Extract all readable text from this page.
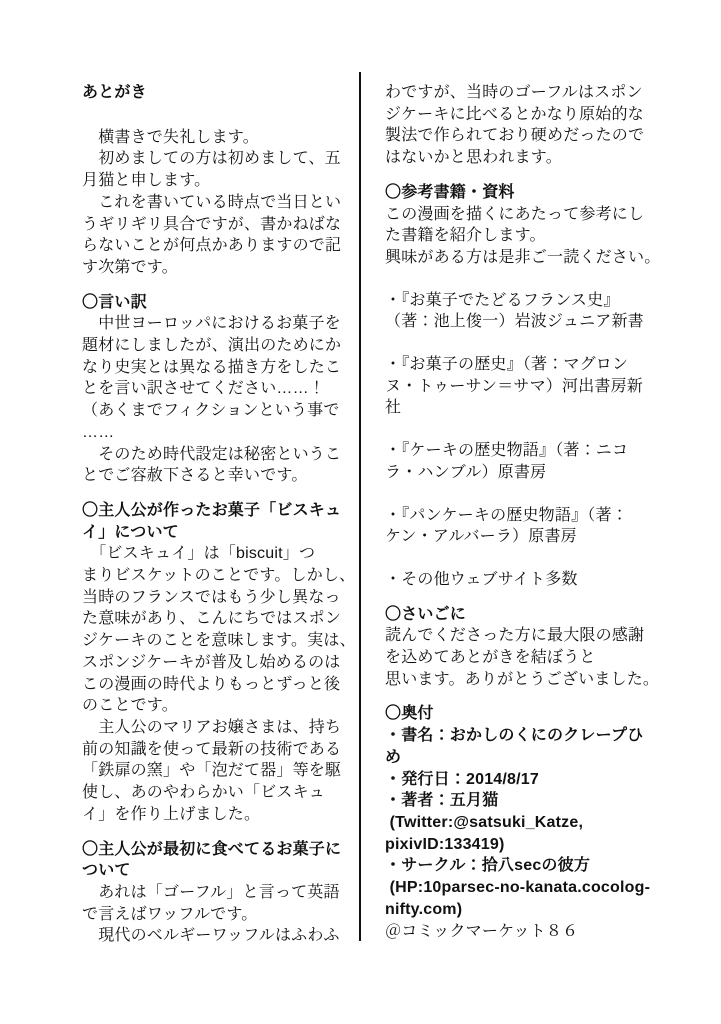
あとがき
　横書きで失礼します。
　初めましての方は初めまして、五
月猫と申します。
　これを書いている時点で当日とい
うギリギリ具合ですが、書かねばな
らないことが何点かありますので記
す次第です。
〇言い訳
　中世ヨーロッパにおけるお菓子を
題材にしましたが、演出のためにか
なり史実とは異なる描き方をしたこ
とを言い訳させてください……！
（あくまでフィクションという事で
……
　そのため時代設定は秘密というこ
とでご容赦下さると幸いです。
〇主人公が作ったお菓子「ビスキュ
イ」について
　「ビスキュイ」は「biscuit」つ
まりビスケットのことです。しかし、
当時のフランスではもう少し異なっ
た意味があり、こんにちではスポン
ジケーキのことを意味します。実は、
スポンジケーキが普及し始めるのは
この漫画の時代よりもっとずっと後
のことです。
　主人公のマリアお嬢さまは、持ち
前の知識を使って最新の技術である
「鉄扉の窯」や「泡だて器」等を駆
使し、あのやわらかい「ビスキュ
イ」を作り上げました。
〇主人公が最初に食べてるお菓子に
ついて
　あれは「ゴーフル」と言って英語
で言えばワッフルです。
　現代のベルギーワッフルはふわふ
わですが、当時のゴーフルはスポン
ジケーキに比べるとかなり原始的な
製法で作られており硬めだったので
はないかと思われます。
〇参考書籍・資料
この漫画を描くにあたって参考にし
た書籍を紹介します。
興味がある方は是非ご一読ください。
・『お菓子でたどるフランス史』
（著：池上俊一）岩波ジュニア新書
・『お菓子の歴史』（著：マグロン
ヌ・トゥーサン＝サマ）河出書房新
社
・『ケーキの歴史物語』（著：ニコ
ラ・ハンブル）原書房
・『パンケーキの歴史物語』（著：
ケン・アルバーラ）原書房
・その他ウェブサイト多数
〇さいごに
読んでくださった方に最大限の感謝
を込めてあとがきを結ぼうと
思います。ありがとうございました。
〇奥付
・書名：おかしのくにのクレープひ
め
・発行日：2014/8/17
・著者：五月猫
(Twitter:@satsuki_Katze,
pixivID:133419)
・サークル：拾八secの彼方
(HP:10parsec-no-kanata.cocolog-
nifty.com)
＠コミックマーケット８６
